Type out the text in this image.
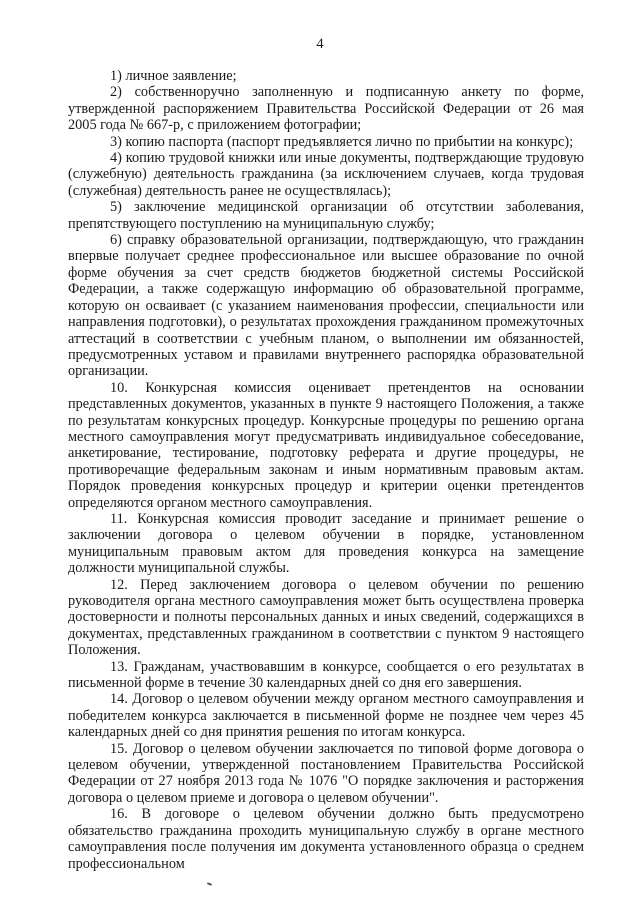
4

1) личное заявление;

2) собственноручно заполненную и подписанную анкету по форме, утвержденной распоряжением Правительства Российской Федерации от 26 мая 2005 года № 667-р, с приложением фотографии;

3) копию паспорта (паспорт предъявляется лично по прибытии на конкурс);

4) копию трудовой книжки или иные документы, подтверждающие трудовую (служебную) деятельность гражданина (за исключением случаев, когда трудовая (служебная) деятельность ранее не осуществлялась);

5) заключение медицинской организации об отсутствии заболевания, препятствующего поступлению на муниципальную службу;

6) справку образовательной организации, подтверждающую, что гражданин впервые получает среднее профессиональное или высшее образование по очной форме обучения за счет средств бюджетов бюджетной системы Российской Федерации, а также содержащую информацию об образовательной программе, которую он осваивает (с указанием наименования профессии, специальности или направления подготовки), о результатах прохождения гражданином промежуточных аттестаций в соответствии с учебным планом, о выполнении им обязанностей, предусмотренных уставом и правилами внутреннего распорядка образовательной организации.

10. Конкурсная комиссия оценивает претендентов на основании представленных документов, указанных в пункте 9 настоящего Положения, а также по результатам конкурсных процедур. Конкурсные процедуры по решению органа местного самоуправления могут предусматривать индивидуальное собеседование, анкетирование, тестирование, подготовку реферата и другие процедуры, не противоречащие федеральным законам и иным нормативным правовым актам. Порядок проведения конкурсных процедур и критерии оценки претендентов определяются органом местного самоуправления.

11. Конкурсная комиссия проводит заседание и принимает решение о заключении договора о целевом обучении в порядке, установленном муниципальным правовым актом для проведения конкурса на замещение должности муниципальной службы.

12. Перед заключением договора о целевом обучении по решению руководителя органа местного самоуправления может быть осуществлена проверка достоверности и полноты персональных данных и иных сведений, содержащихся в документах, представленных гражданином в соответствии с пунктом 9 настоящего Положения.

13. Гражданам, участвовавшим в конкурсе, сообщается о его результатах в письменной форме в течение 30 календарных дней со дня его завершения.

14. Договор о целевом обучении между органом местного самоуправления и победителем конкурса заключается в письменной форме не позднее чем через 45 календарных дней со дня принятия решения по итогам конкурса.

15. Договор о целевом обучении заключается по типовой форме договора о целевом обучении, утвержденной постановлением Правительства Российской Федерации от 27 ноября 2013 года № 1076 "О порядке заключения и расторжения договора о целевом приеме и договора о целевом обучении".

16. В договоре о целевом обучении должно быть предусмотрено обязательство гражданина проходить муниципальную службу в органе местного самоуправления после получения им документа установленного образца о среднем профессиональном
